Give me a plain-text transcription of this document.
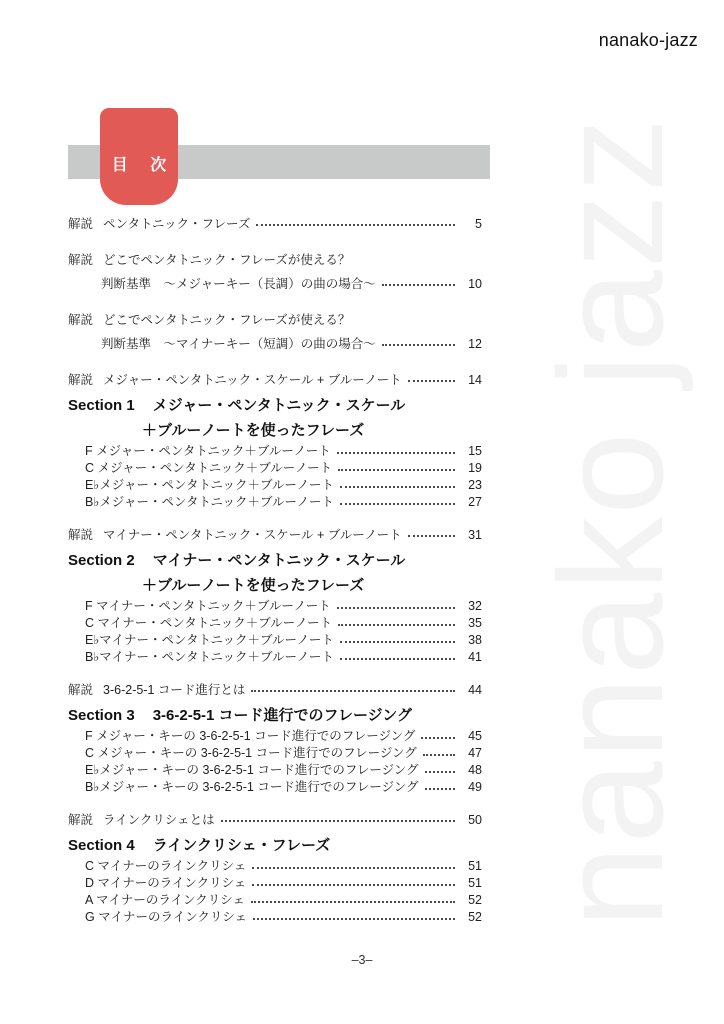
nanako jazz
nanako-jazz
目 次
解説 ペンタトニック・フレーズ	5
解説 どこでペンタトニック・フレーズが使える？
判断基準　〜メジャーキー（長調）の曲の場合〜	10
解説 どこでペンタトニック・フレーズが使える？
判断基準　〜マイナーキー（短調）の曲の場合〜	12
解説 メジャー・ペンタトニック・スケール + ブルーノート	14
Section 1 メジャー・ペンタトニック・スケール
＋ブルーノートを使ったフレーズ
F メジャー・ペンタトニック＋ブルーノート	15
C メジャー・ペンタトニック＋ブルーノート	19
E♭メジャー・ペンタトニック＋ブルーノート	23
B♭メジャー・ペンタトニック＋ブルーノート	27
解説 マイナー・ペンタトニック・スケール + ブルーノート	31
Section 2 マイナー・ペンタトニック・スケール
＋ブルーノートを使ったフレーズ
F マイナー・ペンタトニック＋ブルーノート	32
C マイナー・ペンタトニック＋ブルーノート	35
E♭マイナー・ペンタトニック＋ブルーノート	38
B♭マイナー・ペンタトニック＋ブルーノート	41
解説 3-6-2-5-1 コード進行とは	44
Section 3 3-6-2-5-1 コード進行でのフレージング
F メジャー・キーの 3-6-2-5-1 コード進行でのフレージング	45
C メジャー・キーの 3-6-2-5-1 コード進行でのフレージング	47
E♭メジャー・キーの 3-6-2-5-1 コード進行でのフレージング	48
B♭メジャー・キーの 3-6-2-5-1 コード進行でのフレージング	49
解説 ラインクリシェとは	50
Section 4 ラインクリシェ・フレーズ
C マイナーのラインクリシェ	51
D マイナーのラインクリシェ	51
A マイナーのラインクリシェ	52
G マイナーのラインクリシェ	52
–3–
